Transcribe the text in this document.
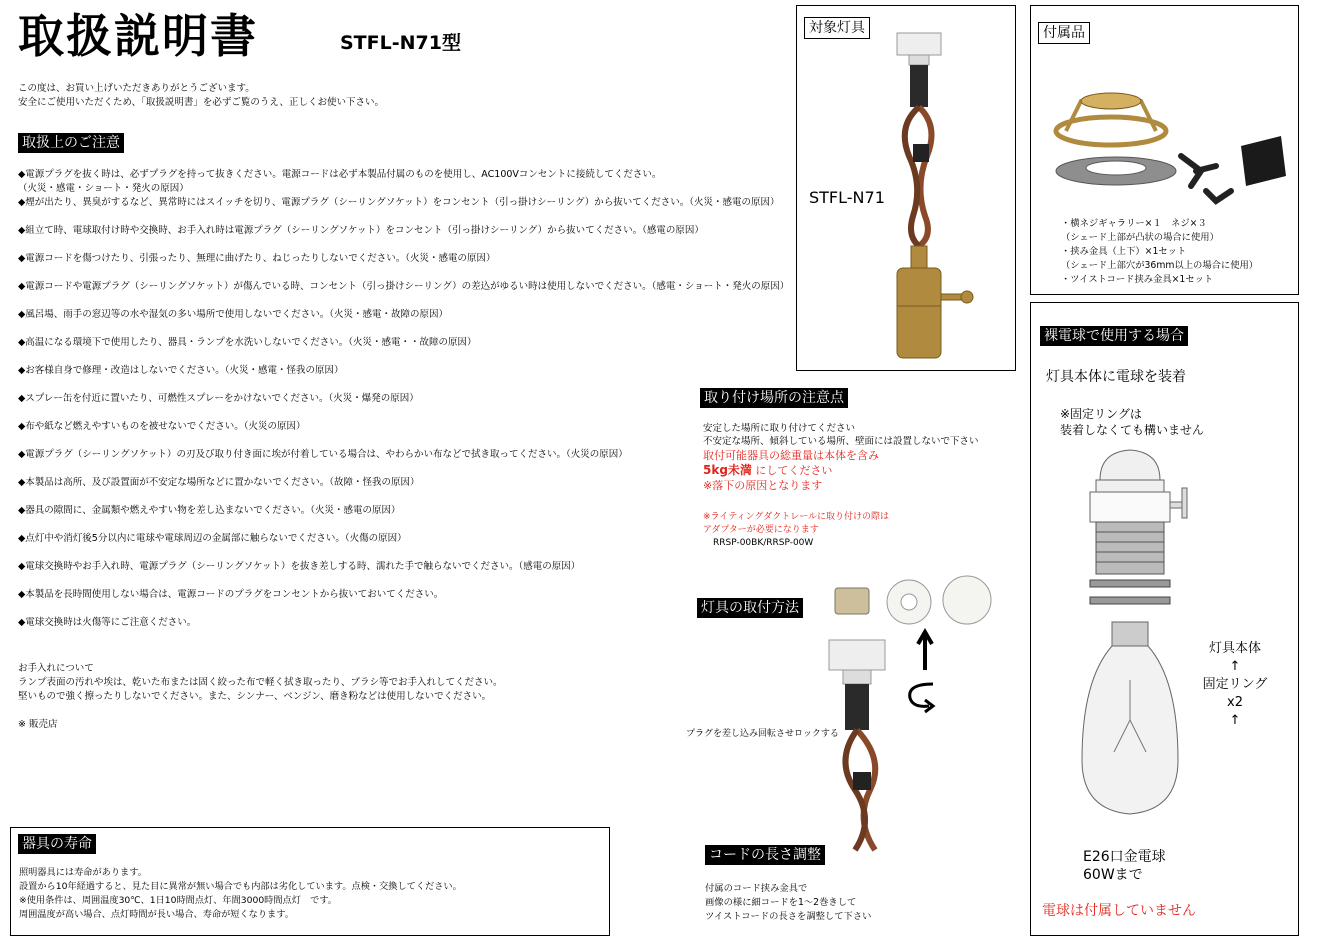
取扱説明書	STFL-N71型
この度は、お買い上げいただきありがとうございます。
安全にご使用いただくため、「取扱説明書」を必ずご覧のうえ、正しくお使い下さい。
取扱上のご注意
◆電源プラグを抜く時は、必ずプラグを持って抜きください。電源コードは必ず本製品付属のものを使用し、AC100Vコンセントに接続してください。
（火災・感電・ショート・発火の原因）
◆煙が出たり、異臭がするなど、異常時にはスイッチを切り、電源プラグ（シーリングソケット）をコンセント（引っ掛けシーリング）から抜いてください。（火災・感電の原因）
◆組立て時、電球取付け時や交換時、お手入れ時は電源プラグ（シーリングソケット）をコンセント（引っ掛けシーリング）から抜いてください。（感電の原因）
◆電源コードを傷つけたり、引張ったり、無理に曲げたり、ねじったりしないでください。（火災・感電の原因）
◆電源コードや電源プラグ（シーリングソケット）が傷んでいる時、コンセント（引っ掛けシーリング）の差込がゆるい時は使用しないでください。（感電・ショート・発火の原因）
◆風呂場、雨手の窓辺等の水や湿気の多い場所で使用しないでください。（火災・感電・故障の原因）
◆高温になる環境下で使用したり、器具・ランプを水洗いしないでください。（火災・感電・・故障の原因）
◆お客様自身で修理・改造はしないでください。（火災・感電・怪我の原因）
◆スプレー缶を付近に置いたり、可燃性スプレーをかけないでください。（火災・爆発の原因）
◆布や紙など燃えやすいものを被せないでください。（火災の原因）
◆電源プラグ（シーリングソケット）の刃及び取り付き面に埃が付着している場合は、やわらかい布などで拭き取ってください。（火災の原因）
◆本製品は高所、及び設置面が不安定な場所などに置かないでください。（故障・怪我の原因）
◆器具の隙間に、金属類や燃えやすい物を差し込まないでください。（火災・感電の原因）
◆点灯中や消灯後5分以内に電球や電球周辺の金属部に触らないでください。（火傷の原因）
◆電球交換時やお手入れ時、電源プラグ（シーリングソケット）を抜き差しする時、濡れた手で触らないでください。（感電の原因）
◆本製品を長時間使用しない場合は、電源コードのプラグをコンセントから抜いておいてください。
◆電球交換時は火傷等にご注意ください。
お手入れについて
ランプ表面の汚れや埃は、乾いた布または固く絞った布で軽く拭き取ったり、ブラシ等でお手入れしてください。
堅いもので強く擦ったりしないでください。また、シンナー、ベンジン、磨き粉などは使用しないでください。
※ 販売店
器具の寿命
照明器具には寿命があります。
設置から10年経過すると、見た目に異常が無い場合でも内部は劣化しています。点検・交換してください。
※使用条件は、周囲温度30℃、1日10時間点灯、年間3000時間点灯　です。
周囲温度が高い場合、点灯時間が長い場合、寿命が短くなります。
対象灯具
STFL-N71
付属品
・横ネジギャラリー×１　ネジ×３
（シェード上部が凸状の場合に使用）
・挟み金具（上下）×1セット
（シェード上部穴が36mm以上の場合に使用）
・ツイストコード挟み金具×1セット
裸電球で使用する場合
灯具本体に電球を装着
※固定リングは
装着しなくても構いません
灯具本体
↑
固定リング
x2
↑
E26口金電球
60Wまで
電球は付属していません
取り付け場所の注意点
安定した場所に取り付けてください
不安定な場所、傾斜している場所、壁面には設置しないで下さい
取付可能器具の総重量は本体を含み
5kg未満 にしてください
※落下の原因となります
※ライティングダクトレールに取り付けの際は
アダプターが必要になります
RRSP-00BK/RRSP-00W
灯具の取付方法
プラグを差し込み回転させロックする
コードの長さ調整
付属のコード挟み金具で
画像の様に細コードを1～2巻きして
ツイストコードの長さを調整して下さい
